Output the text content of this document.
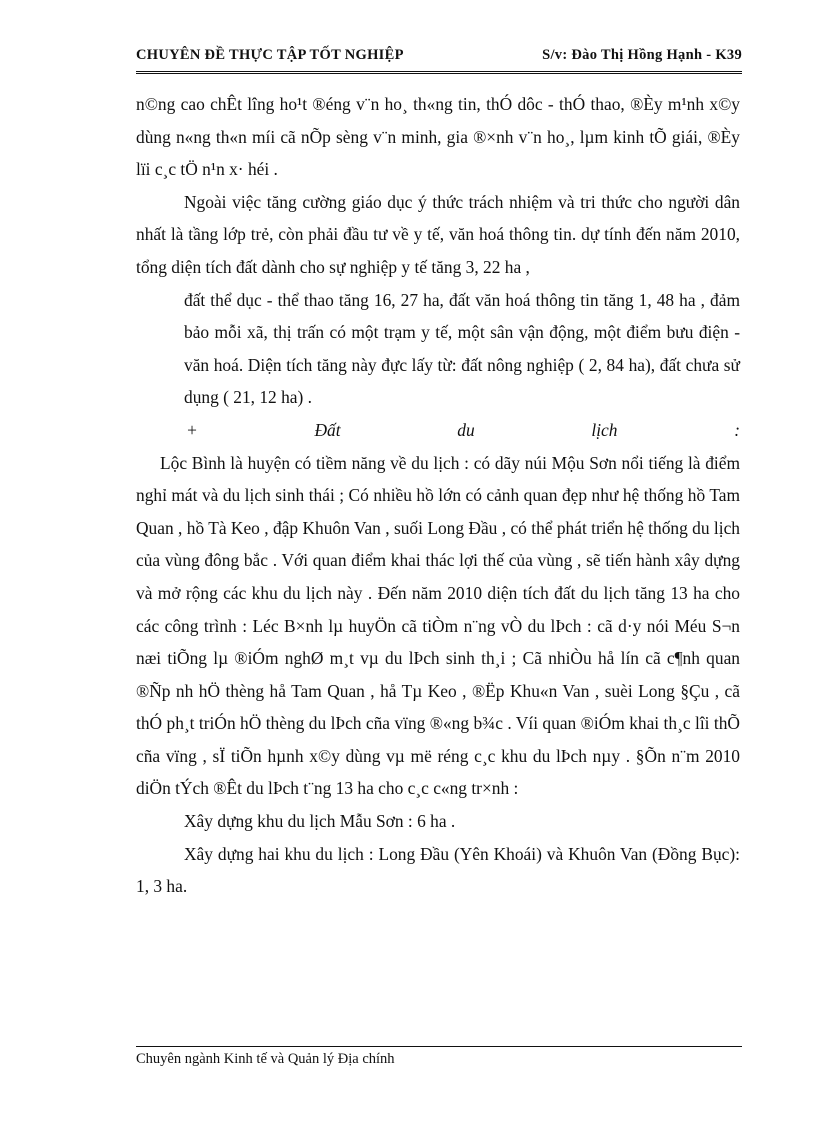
CHUYÊN ĐỀ THỰC TẬP TỐT NGHIỆP	S/v: Đào Thị Hồng Hạnh - K39

n©ng cao chÊt lîng ho¹t ®éng v¨n ho¸ th«ng tin, thÓ dôc - thÓ thao, ®Èy m¹nh x©y dùng n«ng th«n míi cã nÕp sèng v¨n minh, gia ®×nh v¨n ho¸, lµm kinh tÕ giái, ®Èy lïi c¸c tÖ n¹n x· héi .

Ngoài việc tăng cường giáo dục ý thức trách nhiệm và tri thức cho người dân nhất là tầng lớp trẻ, còn phải đầu tư về y tế, văn hoá thông tin. dự tính đến năm 2010, tổng diện tích đất dành cho sự nghiệp y tế tăng 3, 22 ha ,

đất thể dục - thể thao tăng 16, 27 ha, đất văn hoá thông tin tăng 1, 48 ha , đảm bảo mỗi xã, thị trấn có một trạm y tế, một sân vận động, một điểm bưu điện - văn hoá. Diện tích tăng này đực lấy từ: đất nông nghiệp ( 2, 84 ha), đất chưa sử dụng ( 21, 12 ha) .

+	Đất	du	lịch	:

Lộc Bình là huyện có tiềm năng về du lịch : có dãy núi Mộu Sơn nổi tiếng là điểm nghỉ mát và du lịch sinh thái ; Có nhiều hồ lớn có cảnh quan đẹp như hệ thống hồ Tam Quan , hồ Tà Keo , đập Khuôn Van , suối Long Đầu , có thể phát triển hệ thống du lịch của vùng đông bắc . Với quan điểm khai thác lợi thế của vùng , sẽ tiến hành xây dựng và mở rộng các khu du lịch này . Đến năm 2010 diện tích đất du lịch tăng 13 ha cho các công trình : Léc B×nh lµ huyÖn cã tiÒm n¨ng vÒ du lÞch : cã d·y nói Méu S¬n næi tiÕng lµ ®iÓm nghØ m¸t vµ du lÞch sinh th¸i ; Cã nhiÒu hå lín cã c¶nh quan ®Ñp nh hÖ thèng hå Tam Quan , hå Tµ Keo , ®Ëp Khu«n Van , suèi Long §Çu , cã thÓ ph¸t triÓn hÖ thèng du lÞch cña vïng ®«ng b¾c . Víi quan ®iÓm khai th¸c lîi thÕ cña vïng , sÏ tiÕn hµnh x©y dùng vµ më réng c¸c khu du lÞch nµy . §Õn n¨m 2010 diÖn tÝch ®Êt du lÞch t¨ng 13 ha cho c¸c c«ng tr×nh :

Xây dựng khu du lịch Mẫu Sơn : 6 ha .

Xây dựng hai khu du lịch : Long Đầu (Yên Khoái) và Khuôn Van (Đồng Bục): 1, 3 ha.

Chuyên ngành Kinh tế và Quản lý Địa chính
